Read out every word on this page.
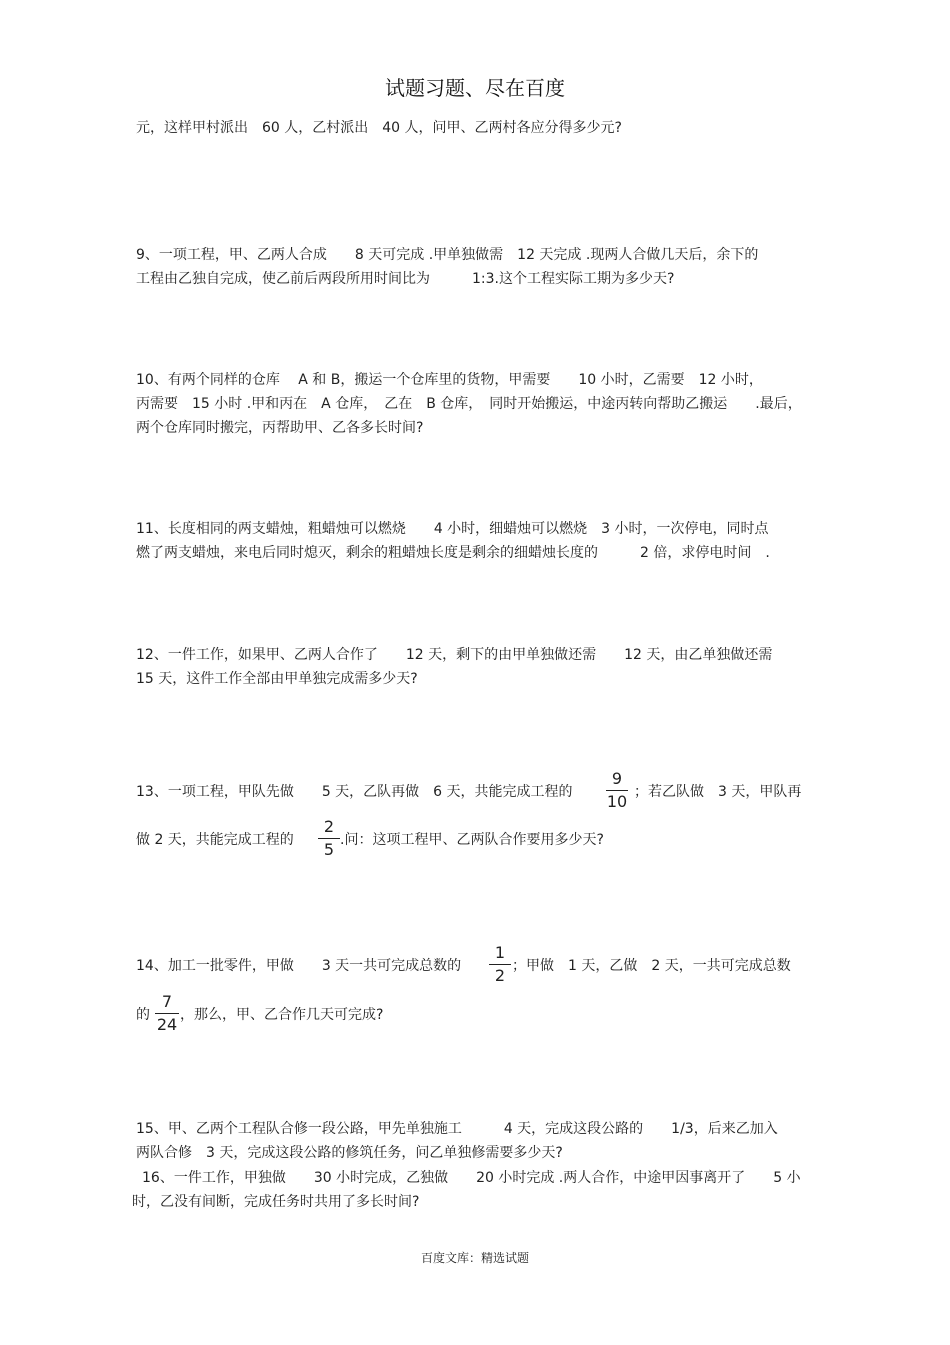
试题习题、尽在百度
元，这样甲村派出　60 人，乙村派出　40 人，问甲、乙两村各应分得多少元?
9、一项工程，甲、乙两人合成　　8 天可完成 .甲单独做需　12 天完成 .现两人合做几天后，余下的
工程由乙独自完成，使乙前后两段所用时间比为　　　1:3.这个工程实际工期为多少天?
10、有两个同样的仓库　 A 和 B，搬运一个仓库里的货物，甲需要　　10 小时，乙需要　12 小时，
丙需要　15 小时 .甲和丙在　A 仓库，　乙在　B 仓库，　同时开始搬运，中途丙转向帮助乙搬运　　.最后，
两个仓库同时搬完，丙帮助甲、乙各多长时间?
11、长度相同的两支蜡烛，粗蜡烛可以燃烧　　4 小时，细蜡烛可以燃烧　3 小时，一次停电，同时点
燃了两支蜡烛，来电后同时熄灭，剩余的粗蜡烛长度是剩余的细蜡烛长度的　　　2 倍，求停电时间　.
12、一件工作，如果甲、乙两人合作了　　12 天，剩下的由甲单独做还需　　12 天，由乙单独做还需
15 天，这件工作全部由甲单独完成需多少天?
13、一项工程，甲队先做　　5 天，乙队再做　6 天，共能完成工程的
9
10 ；若乙队做　3 天，甲队再
做 2 天，共能完成工程的
2
5 .问：这项工程甲、乙两队合作要用多少天?
14、加工一批零件，甲做　　3 天一共可完成总数的
1
2 ；甲做　1 天，乙做　2 天，一共可完成总数
的
7
24 ，那么，甲、乙合作几天可完成?
15、甲、乙两个工程队合修一段公路，甲先单独施工　　　4 天，完成这段公路的　　1/3，后来乙加入
两队合修　3 天，完成这段公路的修筑任务，问乙单独修需要多少天?
16、一件工作，甲独做　　30 小时完成，乙独做　　20 小时完成 .两人合作，中途甲因事离开了　　5 小
时，乙没有间断，完成任务时共用了多长时间?
百度文库：精选试题
